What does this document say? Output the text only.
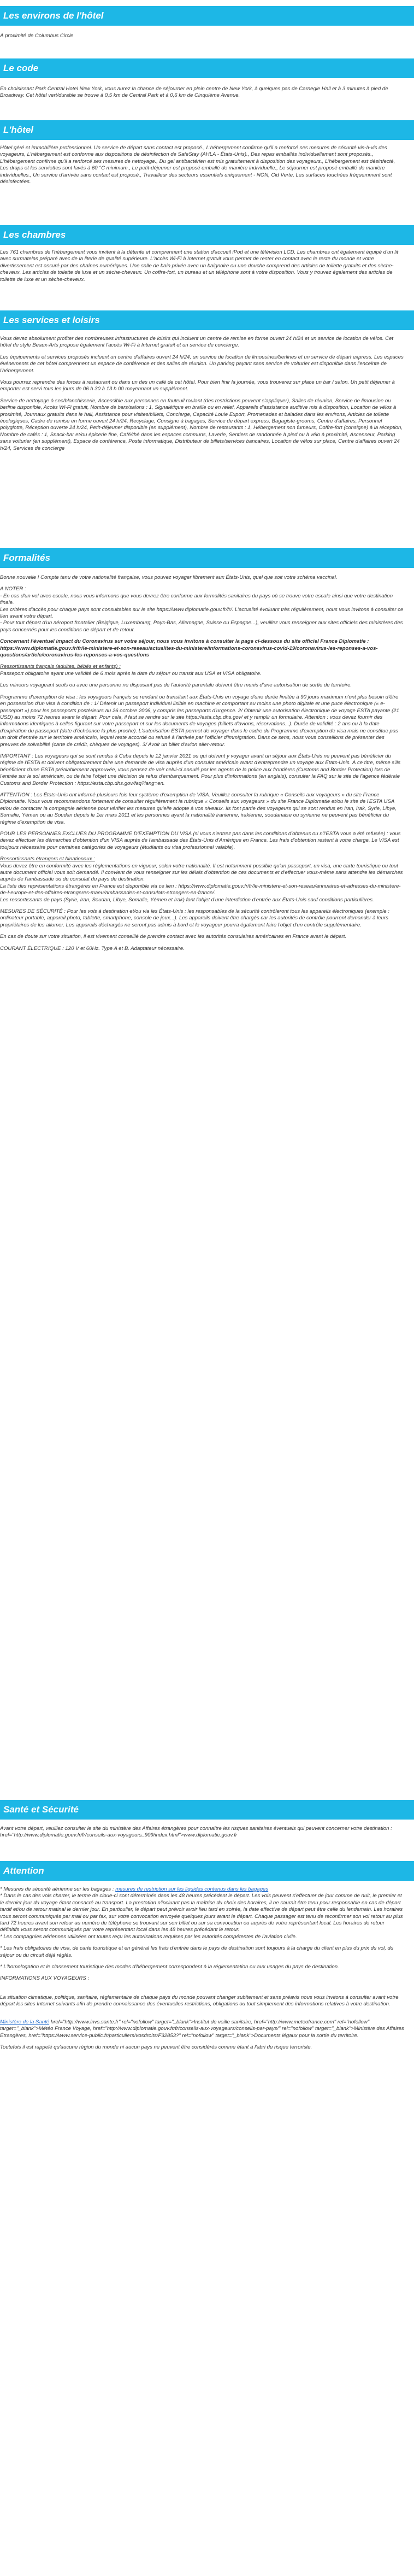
Les environs de l'hôtel

À proximité de Columbus Circle

Le code

En choisissant Park Central Hotel New York, vous aurez la chance de séjourner en plein centre de New York, à quelques pas de Carnegie Hall et à 3 minutes à pied de Broadway. Cet hôtel vert/durable se trouve à 0,5 km de Central Park et à 0,6 km de Cinquième Avenue.

L'hôtel

Hôtel géré et immobilière professionnel. Un service de départ sans contact est proposé., L'hébergement confirme qu'il a renforcé ses mesures de sécurité vis-à-vis des voyageurs, L'hébergement est conforme aux dispositions de désinfection de SafeStay (AHLA - États-Unis)., Des repas emballés individuellement sont proposés., L'hébergement confirme qu'il a renforcé ses mesures de nettoyage., Du gel antibactérien est mis gratuitement à disposition des voyageurs., L'hébergement est désinfecté, Les draps et les serviettes sont lavés à 60 °C minimum., Le petit-déjeuner est proposé emballé de manière individuelle., Le séjourner est proposé emballé de manière individuelles., Un service d'arrivée sans contact est proposé., Travailleur des secteurs essentiels uniquement - NON, Cid Verte, Les surfaces touchées fréquemment sont désinfectées.

Les chambres

Les 761 chambres de l'hébergement vous invitent à la détente et comprennent une station d'accueil iPod et une télévision LCD. Les chambres ont également équipé d'un lit avec surmatelas préparé avec de la literie de qualité supérieure. L'accès Wi-Fi à Internet gratuit vous permet de rester en contact avec le reste du monde et votre divertissement est assuré par des chaînes numériques. Une salle de bain privée avec un baignoire ou une douche comprend des articles de toilette gratuits et des sèche-cheveux. Les articles de toilette de luxe et un sèche-cheveux. Un coffre-fort, un bureau et un téléphone sont à votre disposition. Vous y trouvez également des articles de toilette de luxe et un sèche-cheveux.

Les services et loisirs

Vous devez absolument profiter des nombreuses infrastructures de loisirs qui incluent un centre de remise en forme ouvert 24 h/24 et un service de location de vélos. Cet hôtel de style Beaux-Arts propose également l'accès Wi-Fi à Internet gratuit et un service de concierge.

Les équipements et services proposés incluent un centre d'affaires ouvert 24 h/24, un service de location de limousines/berlines et un service de départ express. Les espaces événements de cet hôtel comprennent un espace de conférence et des salles de réunion. Un parking payant sans service de voiturier est disponible dans l'enceinte de l'hébergement.

Vous pourrez reprendre des forces à restaurant ou dans un des un café de cet hôtel. Pour bien finir la journée, vous trouverez sur place un bar / salon. Un petit déjeuner à emporter est servi tous les jours de 06 h 30 à 13 h 00 moyennant un supplément.

Service de nettoyage à sec/blanchisserie, Accessible aux personnes en fauteuil roulant (des restrictions peuvent s'appliquer), Salles de réunion, Service de limousine ou berline disponible, Accès Wi-Fi gratuit, Nombre de bars/salons : 1, Signalétique en braille ou en relief, Appareils d'assistance auditive mis à disposition, Location de vélos à proximité, Journaux gratuits dans le hall, Assistance pour visites/billets, Concierge, Capacité Louie Export, Promenades et balades dans les environs, Articles de toilette écologiques, Cadre de remise en forme ouvert 24 h/24, Recyclage, Consigne à bagages, Service de départ express, Bagagiste-grooms, Centre d'affaires, Personnel polyglotte, Réception ouverte 24 h/24, Petit-déjeuner disponible (en supplément), Nombre de restaurants : 1, Hébergement non fumeurs, Coffre-fort (consigne) à la réception, Nombre de cafés : 1, Snack-bar et/ou épicerie fine, Café/thé dans les espaces communs, Laverie, Sentiers de randonnée à pied ou à vélo à proximité, Ascenseur, Parking sans voiturier (en supplément), Espace de conférence, Poste informatique, Distributeur de billets/services bancaires, Location de vélos sur place, Centre d'affaires ouvert 24 h/24, Services de concierge

Formalités

Bonne nouvelle ! Compte tenu de votre nationalité française, vous pouvez voyager librement aux États-Unis, quel que soit votre schéma vaccinal.

A NOTER :

- En cas d'un vol avec escale, nous vous informons que vous devrez être conforme aux formalités sanitaires du pays où se trouve votre escale ainsi que votre destination finale.

Les critères d'accès pour chaque pays sont consultables sur le site https://www.diplomatie.gouv.fr/fr/. L'actualité évoluant très régulièrement, nous vous invitons à consulter ce lien avant votre départ.

- Pour tout départ d'un aéroport frontalier (Belgique, Luxembourg, Pays-Bas, Allemagne, Suisse ou Espagne...), veuillez vous renseigner aux sites officiels des ministères des pays concernés pour les conditions de départ et de retour.

Concernant l'éventuel impact du Coronavirus sur votre séjour, nous vous invitons à consulter la page ci-dessous du site officiel France Diplomatie :

https://www.diplomatie.gouv.fr/fr/le-ministere-et-son-reseau/actualites-du-ministere/informations-coronavirus-covid-19/coronavirus-les-reponses-a-vos-questions/article/coronavirus-les-reponses-a-vos-questions

Ressortissants français (adultes, bébés et enfants) :

Passeport obligatoire ayant une validité de 6 mois après la date du séjour ou transit aux USA et VISA obligatoire.

Les mineurs voyageant seuls ou avec une personne ne disposant pas de l'autorité parentale doivent être munis d'une autorisation de sortie de territoire.

Programme d'exemption de visa : les voyageurs français se rendant ou transitant aux États-Unis en voyage d'une durée limitée à 90 jours maximum n'ont plus besoin d'être en possession d'un visa à condition de : 1/ Détenir un passeport individuel lisible en machine et comportant au moins une photo digitale et une puce électronique (« e-passeport ») pour les passeports postérieurs au 26 octobre 2006, y compris les passeports d'urgence. 2/ Obtenir une autorisation électronique de voyage ESTA payante (21 USD) au moins 72 heures avant le départ. Pour cela, il faut se rendre sur le site https://esta.cbp.dhs.gov/ et y remplir un formulaire. Attention : vous devez fournir des informations identiques à celles figurant sur votre passeport et sur les documents de voyages (billets d'avions, réservations...). Durée de validité : 2 ans ou à la date d'expiration du passeport (date d'échéance la plus proche). L'autorisation ESTA permet de voyager dans le cadre du Programme d'exemption de visa mais ne constitue pas un droit d'entrée sur le territoire américain, lequel reste accordé ou refusé à l'arrivée par l'officier d'immigration. Dans ce sens, nous vous conseillons de présenter des preuves de solvabilité (carte de crédit, chèques de voyages). 3/ Avoir un billet d'avion aller-retour.

IMPORTANT : Les voyageurs qui se sont rendus à Cuba depuis le 12 janvier 2021 ou qui doivent y voyager avant un séjour aux États-Unis ne peuvent pas bénéficier du régime de l'ESTA et doivent obligatoirement faire une demande de visa auprès d'un consulat américain avant d'entreprendre un voyage aux États-Unis. À ce titre, même s'ils bénéficient d'une ESTA préalablement approuvée, vous pensez de voir celui-ci annulé par les agents de la police aux frontières (Customs and Border Protection) lors de l'entrée sur le sol américain, ou de faire l'objet une décision de refus d'embarquement. Pour plus d'informations (en anglais), consulter la FAQ sur le site de l'agence fédérale Customs and Border Protection : https://esta.cbp.dhs.gov/faq?lang=en.

ATTENTION : Les États-Unis ont informé plusieurs fois leur système d'exemption de VISA. Veuillez consulter la rubrique « Conseils aux voyageurs » du site France Diplomatie. Nous vous recommandons fortement de consulter régulièrement la rubrique « Conseils aux voyageurs » du site France Diplomatie et/ou le site de l'ESTA USA et/ou de contacter la compagnie aérienne pour vérifier les mesures qu'elle adopte à vos niveaux. Ils font partie des voyageurs qui se sont rendus en Iran, Irak, Syrie, Libye, Somalie, Yémen ou au Soudan depuis le 1er mars 2011 et les personnes ayant la nationalité iranienne, irakienne, soudanaise ou syrienne ne peuvent pas bénéficier du régime d'exemption de visa.

POUR LES PERSONNES EXCLUES DU PROGRAMME D'EXEMPTION DU VISA (si vous n'entrez pas dans les conditions d'obtenus ou n'l'ESTA vous a été refusée) : vous devez effectuer les démarches d'obtention d'un VISA auprès de l'ambassade des États-Unis d'Amérique en France. Les frais d'obtention restent à votre charge. Le VISA est toujours nécessaire pour certaines catégories de voyageurs (étudiants ou visa professionnel valable).

Ressortissants étrangers et binationaux :

Vous devez être en conformité avec les réglementations en vigueur, selon votre nationalité. Il est notamment possible qu'un passeport, un visa, une carte touristique ou tout autre document officiel vous soit demandé. Il convient de vous renseigner sur les délais d'obtention de ces documents et d'effectuer vous-même sans attendre les démarches auprès de l'ambassade ou du consulat du pays de destination.

La liste des représentations étrangères en France est disponible via ce lien : https://www.diplomatie.gouv.fr/fr/le-ministere-et-son-reseau/annuaires-et-adresses-du-ministere-de-l-europe-et-des-affaires-etrangeres-maeu/ambassades-et-consulats-etrangers-en-france/.

Les ressortissants de pays (Syrie, Iran, Soudan, Libye, Somalie, Yémen et Irak) font l'objet d'une interdiction d'entrée aux États-Unis sauf conditions particulières.

MESURES DE SÉCURITÉ : Pour les vols à destination et/ou via les États-Unis : les responsables de la sécurité contrôleront tous les appareils électroniques (exemple : ordinateur portable, appareil photo, tablette, smartphone, console de jeux...). Les appareils doivent être chargés car les autorités de contrôle pourront demander à leurs propriétaires de les allumer. Les appareils déchargés ne seront pas admis à bord et le voyageur pourra également faire l'objet d'un contrôle supplémentaire.

En cas de doute sur votre situation, il est vivement conseillé de prendre contact avec les autorités consulaires américaines en France avant le départ.

COURANT ÉLECTRIQUE : 120 V et 60Hz. Type A et B. Adaptateur nécessaire.

Santé et Sécurité

Avant votre départ, veuillez consulter le site du ministère des Affaires étrangères pour connaître les risques sanitaires éventuels qui peuvent concerner votre destination : href="http://www.diplomatie.gouv.fr/fr/conseils-aux-voyageurs_909/index.html">www.diplomatie.gouv.fr

Attention

* Mesures de sécurité aérienne sur les bagages : mesures de restriction sur les liquides contenus dans les bagages

* Dans le cas des vols charter, le terme de cloue-ci sont déterminés dans les 48 heures précédent le départ. Les vols peuvent s'effectuer de jour comme de nuit, le premier et le dernier jour du voyage étant consacré au transport. La prestation n'incluant pas la maîtrise du choix des horaires, il ne saurait être tenu pour responsable en cas de départ tardif et/ou de retour matinal le dernier jour. En particulier, le départ peut prévoir avoir lieu tard en soirée, la date effective de départ peut être celle du lendemain. Les horaires vous seront communiqués par mail ou par fax, sur votre convocation envoyée quelques jours avant le départ. Chaque passager est tenu de reconfirmer son vol retour au plus tard 72 heures avant son retour au numéro de téléphone se trouvant sur son billet ou sur sa convocation ou auprès de votre représentant local. Les horaires de retour définitifs vous seront communiqués par votre représentant local dans les 48 heures précédant le retour.

* Les compagnies aériennes utilisées ont toutes reçu les autorisations requises par les autorités compétentes de l'aviation civile.

* Les frais obligatoires de visa, de carte touristique et en général les frais d'entrée dans le pays de destination sont toujours à la charge du client en plus du prix du vol, du séjour ou du circuit déjà réglés.

* L'homologation et le classement touristique des modes d'hébergement correspondent à la réglementation ou aux usages du pays de destination.

INFORMATIONS AUX VOYAGEURS :

La situation climatique, politique, sanitaire, réglementaire de chaque pays du monde pouvant changer subitement et sans préavis nous vous invitons à consulter avant votre départ les sites Internet suivants afin de prendre connaissance des éventuelles restrictions, obligations ou tout simplement des informations relatives à votre destination.

Ministère de la Santé href="http://www.invs.sante.fr" rel="nofollow" target="_blank">Institut de veille sanitaire, href="http://www.meteofrance.com" rel="nofollow" target="_blank">Météo France Voyage, href="http://www.diplomatie.gouv.fr/fr/conseils-aux-voyageurs/conseils-par-pays/" rel="nofollow" target="_blank">Ministère des Affaires Étrangères, href="https://www.service-public.fr/particuliers/vosdroits/F32853?" rel="nofollow" target="_blank">Documents légaux pour la sortie du territoire.

Toutefois il est rappelé qu'aucune région du monde ni aucun pays ne peuvent être considérés comme étant à l'abri du risque terroriste.
